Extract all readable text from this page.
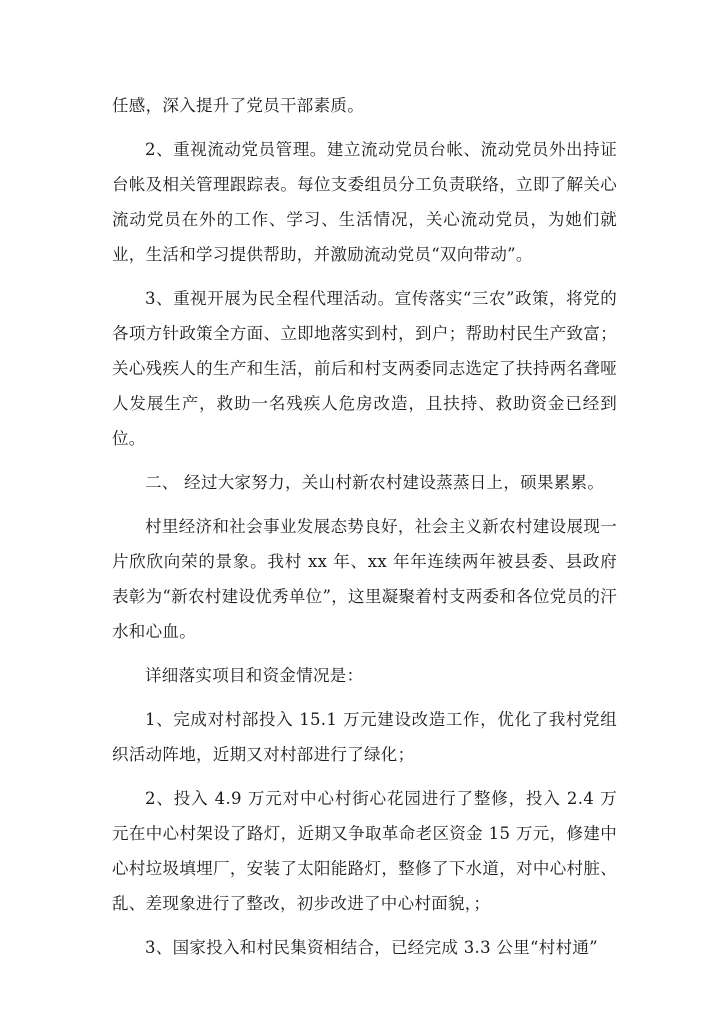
任感，深入提升了党员干部素质。

2、重视流动党员管理。建立流动党员台帐、流动党员外出持证台帐及相关管理跟踪表。每位支委组员分工负责联络，立即了解关心流动党员在外的工作、学习、生活情况，关心流动党员，为她们就业，生活和学习提供帮助，并激励流动党员“双向带动”。

3、重视开展为民全程代理活动。宣传落实“三农”政策，将党的各项方针政策全方面、立即地落实到村，到户；帮助村民生产致富；关心残疾人的生产和生活，前后和村支两委同志选定了扶持两名聋哑人发展生产，救助一名残疾人危房改造，且扶持、救助资金已经到位。

二、 经过大家努力，关山村新农村建设蒸蒸日上，硕果累累。

村里经济和社会事业发展态势良好，社会主义新农村建设展现一片欣欣向荣的景象。我村 xx 年、xx 年年连续两年被县委、县政府表彰为“新农村建设优秀单位”，这里凝聚着村支两委和各位党员的汗水和心血。

详细落实项目和资金情况是：

1、完成对村部投入 15.1 万元建设改造工作，优化了我村党组织活动阵地，近期又对村部进行了绿化；

2、投入 4.9 万元对中心村街心花园进行了整修，投入 2.4 万元在中心村架设了路灯，近期又争取革命老区资金 15 万元，修建中心村垃圾填埋厂，安装了太阳能路灯，整修了下水道，对中心村脏、乱、差现象进行了整改，初步改进了中心村面貌，；

3、国家投入和村民集资相结合，已经完成 3.3 公里“村村通”
